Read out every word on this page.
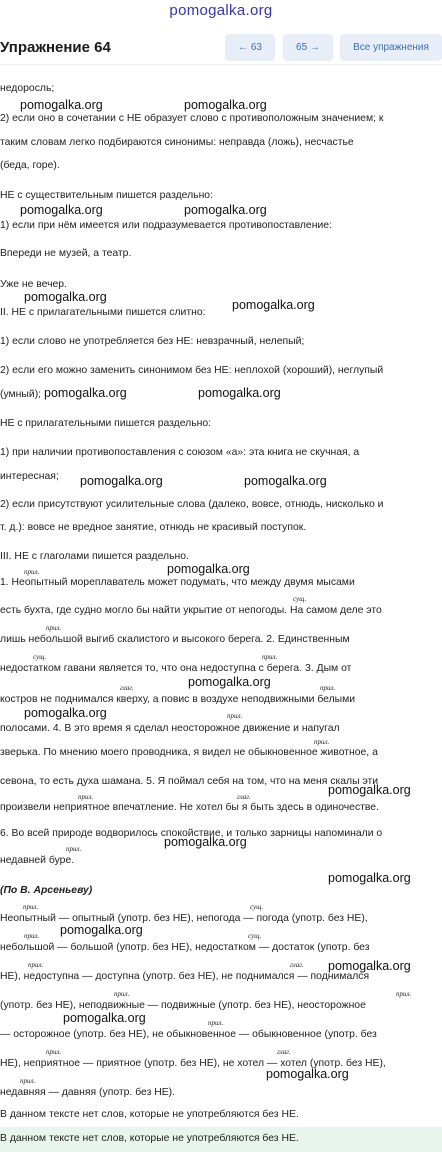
pomogalka.org
Упражнение 64	← 63	65 →	Все упражнения
недоросль;
2) если оно в сочетании с НЕ образует слово с противоположным значением; к
таким словам легко подбираются синонимы: неправда (ложь), несчастье
(беда, горе).
НЕ с существительным пишется раздельно:
1) если при нём имеется или подразумевается противопоставление:
Впереди не музей, а театр.
Уже не вечер.
II. НЕ с прилагательными пишется слитно:
1) если слово не употребляется без НЕ: невзрачный, нелепый;
2) если его можно заменить синонимом без НЕ: неплохой (хороший), неглупый
(умный);
НЕ с прилагательными пишется раздельно:
1) при наличии противопоставления с союзом «а»: эта книга не скучная, а
интересная;
2) если присутствуют усилительные слова (далеко, вовсе, отнюдь, нисколько и
т. д.): вовсе не вредное занятие, отнюдь не красивый поступок.
III. НЕ с глаголами пишется раздельно.
1. Неопытный мореплаватель может подумать, что между двумя мысами
есть бухта, где судно могло бы найти укрытие от непогоды. На самом деле это
лишь небольшой выгиб скалистого и высокого берега. 2. Единственным
недостатком гавани является то, что она недоступна с берега. 3. Дым от
костров не поднимался кверху, а повис в воздухе неподвижными белыми
полосами. 4. В это время я сделал неосторожное движение и напугал
зверька. По мнению моего проводника, я видел не обыкновенное животное, а
севона, то есть духа шамана. 5. Я поймал себя на том, что на меня скалы эти
произвели неприятное впечатление. Не хотел бы я быть здесь в одиночестве.
6. Во всей природе водворилось спокойствие, и только зарницы напоминали о
недавней буре.
(По В. Арсеньеву)
Неопытный — опытный (употр. без НЕ), непогода — погода (употр. без НЕ),
небольшой — большой (употр. без НЕ), недостатком — достаток (употр. без
НЕ), недоступна — доступна (употр. без НЕ), не поднимался — поднимался
(употр. без НЕ), неподвижные — подвижные (употр. без НЕ), неосторожное
— осторожное (употр. без НЕ), не обыкновенное — обыкновенное (употр. без
НЕ), неприятное — приятное (употр. без НЕ), не хотел — хотел (употр. без НЕ),
недавняя — давняя (употр. без НЕ).
В данном тексте нет слов, которые не употребляются без НЕ.
прил.
сущ.
прил.
сущ.	прил.
глаг.	прил.
прил.
прил.
прил.	глаг.
прил.
прил.	сущ.
прил.	сущ.
прил.	глаг.
прил.	прил.
прил.
прил.	глаг.
прил.
pomogalka.org	pomogalka.org
pomogalka.org	pomogalka.org
pomogalka.org
pomogalka.org
pomogalka.org	pomogalka.org
pomogalka.org	pomogalka.org
pomogalka.org
pomogalka.org
pomogalka.org
pomogalka.org
pomogalka.org
pomogalka.org
pomogalka.org
pomogalka.org
pomogalka.org
pomogalka.org
В данном тексте нет слов, которые не употребляются без НЕ.
